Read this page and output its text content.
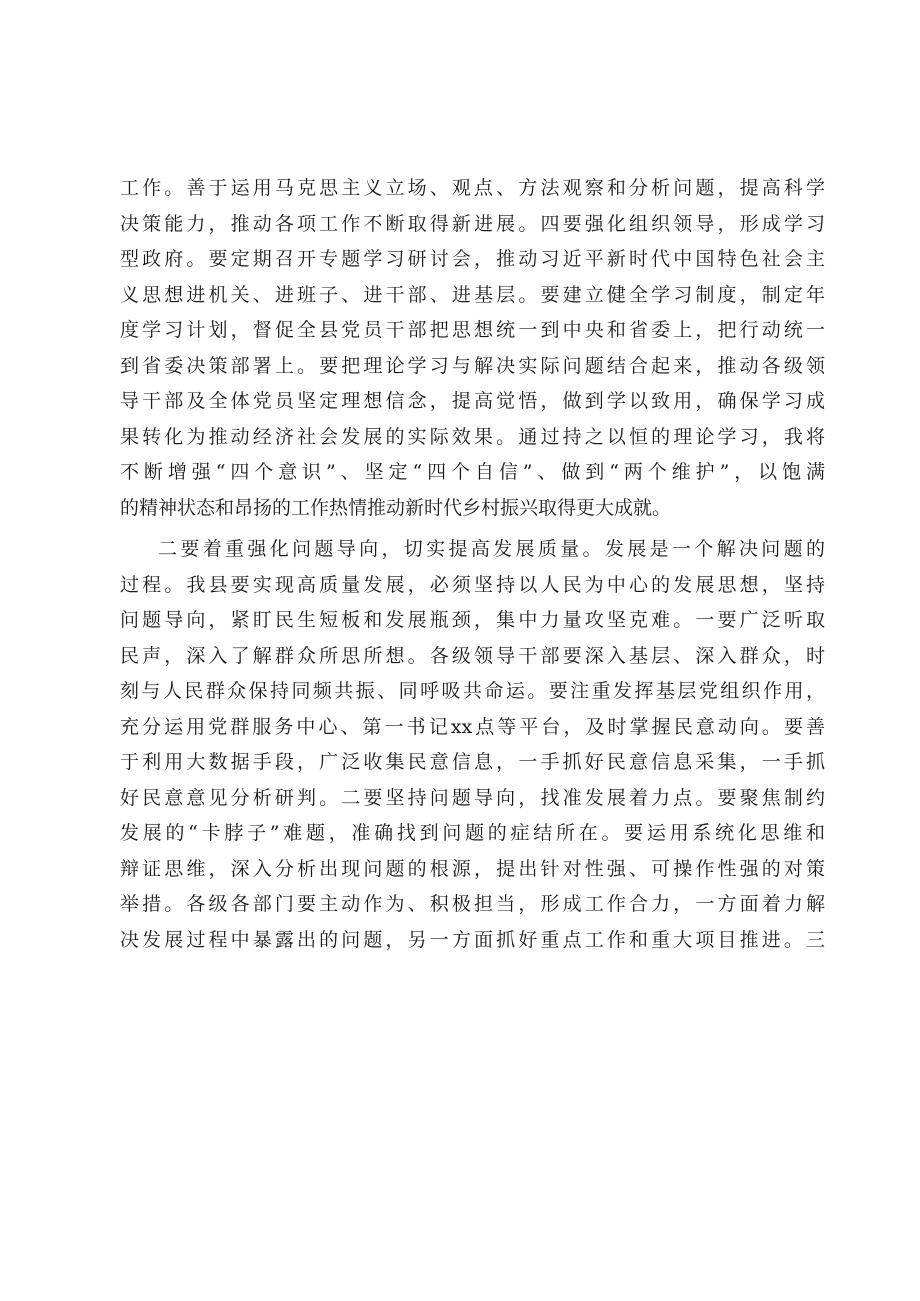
工作。善于运用马克思主义立场、观点、方法观察和分析问题，提高科学
决策能力，推动各项工作不断取得新进展。四要强化组织领导，形成学习
型政府。要定期召开专题学习研讨会，推动习近平新时代中国特色社会主
义思想进机关、进班子、进干部、进基层。要建立健全学习制度，制定年
度学习计划，督促全县党员干部把思想统一到中央和省委上，把行动统一
到省委决策部署上。要把理论学习与解决实际问题结合起来，推动各级领
导干部及全体党员坚定理想信念，提高觉悟，做到学以致用，确保学习成
果转化为推动经济社会发展的实际效果。通过持之以恒的理论学习，我将
不断增强“四个意识”、坚定“四个自信”、做到“两个维护”，以饱满
的精神状态和昂扬的工作热情推动新时代乡村振兴取得更大成就。
二要着重强化问题导向，切实提高发展质量。发展是一个解决问题的
过程。我县要实现高质量发展，必须坚持以人民为中心的发展思想，坚持
问题导向，紧盯民生短板和发展瓶颈，集中力量攻坚克难。一要广泛听取
民声，深入了解群众所思所想。各级领导干部要深入基层、深入群众，时
刻与人民群众保持同频共振、同呼吸共命运。要注重发挥基层党组织作用，
充分运用党群服务中心、第一书记xx点等平台，及时掌握民意动向。要善
于利用大数据手段，广泛收集民意信息，一手抓好民意信息采集，一手抓
好民意意见分析研判。二要坚持问题导向，找准发展着力点。要聚焦制约
发展的“卡脖子”难题，准确找到问题的症结所在。要运用系统化思维和
辩证思维，深入分析出现问题的根源，提出针对性强、可操作性强的对策
举措。各级各部门要主动作为、积极担当，形成工作合力，一方面着力解
决发展过程中暴露出的问题，另一方面抓好重点工作和重大项目推进。三
